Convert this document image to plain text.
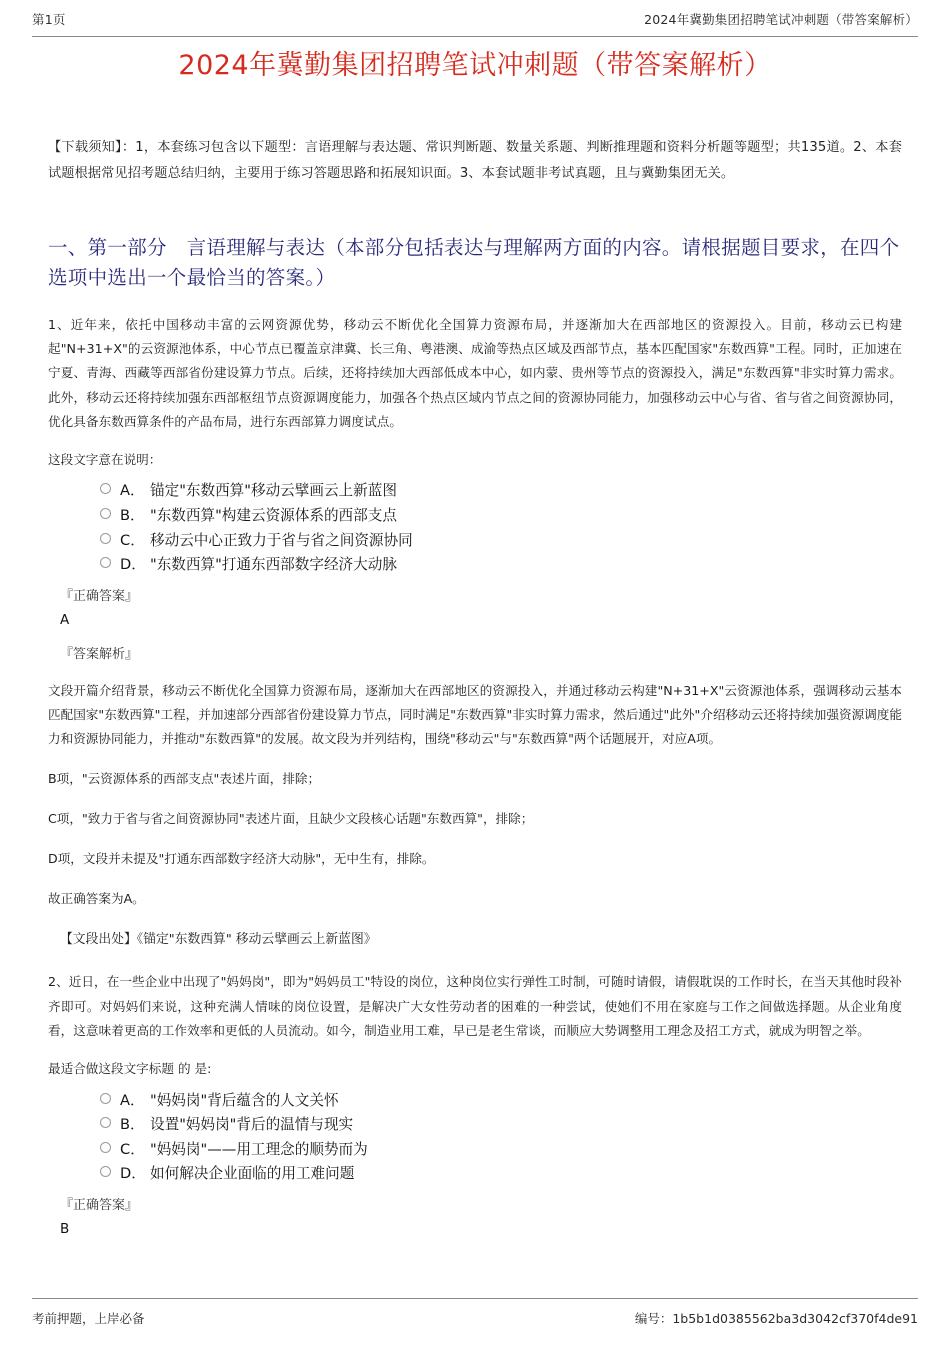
第1页	2024年冀勤集团招聘笔试冲刺题（带答案解析）
2024年冀勤集团招聘笔试冲刺题（带答案解析）

【下载须知】：1，本套练习包含以下题型：言语理解与表达题、常识判断题、数量关系题、判断推理题和资料分析题等题型；共135道。2、本套试题根据常见招考题总结归纳，主要用于练习答题思路和拓展知识面。3、本套试题非考试真题，且与冀勤集团无关。

一、第一部分　言语理解与表达（本部分包括表达与理解两方面的内容。请根据题目要求，在四个选项中选出一个最恰当的答案。）

1、近年来，依托中国移动丰富的云网资源优势，移动云不断优化全国算力资源布局，并逐渐加大在西部地区的资源投入。目前，移动云已构建起"N+31+X"的云资源池体系，中心节点已覆盖京津冀、长三角、粤港澳、成渝等热点区域及西部节点，基本匹配国家"东数西算"工程。同时，正加速在宁夏、青海、西藏等西部省份建设算力节点。后续，还将持续加大西部低成本中心，如内蒙、贵州等节点的资源投入，满足"东数西算"非实时算力需求。此外，移动云还将持续加强东西部枢纽节点资源调度能力，加强各个热点区域内节点之间的资源协同能力，加强移动云中心与省、省与省之间资源协同，优化具备东数西算条件的产品布局，进行东西部算力调度试点。

这段文字意在说明：

A． 锚定"东数西算"移动云擘画云上新蓝图
B． "东数西算"构建云资源体系的西部支点
C． 移动云中心正致力于省与省之间资源协同
D． "东数西算"打通东西部数字经济大动脉
『正确答案』
A
『答案解析』

文段开篇介绍背景，移动云不断优化全国算力资源布局，逐渐加大在西部地区的资源投入，并通过移动云构建"N+31+X"云资源池体系，强调移动云基本匹配国家"东数西算"工程，并加速部分西部省份建设算力节点，同时满足"东数西算"非实时算力需求，然后通过"此外"介绍移动云还将持续加强资源调度能力和资源协同能力，并推动"东数西算"的发展。故文段为并列结构，围绕"移动云"与"东数西算"两个话题展开，对应A项。

B项，"云资源体系的西部支点"表述片面，排除；

C项，"致力于省与省之间资源协同"表述片面，且缺少文段核心话题"东数西算"，排除；

D项，文段并未提及"打通东西部数字经济大动脉"，无中生有，排除。

故正确答案为A。

【文段出处】《锚定"东数西算" 移动云擘画云上新蓝图》

2、近日，在一些企业中出现了"妈妈岗"，即为"妈妈员工"特设的岗位，这种岗位实行弹性工时制，可随时请假，请假耽误的工作时长，在当天其他时段补齐即可。对妈妈们来说，这种充满人情味的岗位设置，是解决广大女性劳动者的困难的一种尝试，使她们不用在家庭与工作之间做选择题。从企业角度看，这意味着更高的工作效率和更低的人员流动。如今，制造业用工难，早已是老生常谈，而顺应大势调整用工理念及招工方式，就成为明智之举。

最适合做这段文字标题 的 是:

A． "妈妈岗"背后蕴含的人文关怀
B． 设置"妈妈岗"背后的温情与现实
C． "妈妈岗"——用工理念的顺势而为
D． 如何解决企业面临的用工难问题
『正确答案』
B
考前押题，上岸必备	编号：1b5b1d0385562ba3d3042cf370f4de91
